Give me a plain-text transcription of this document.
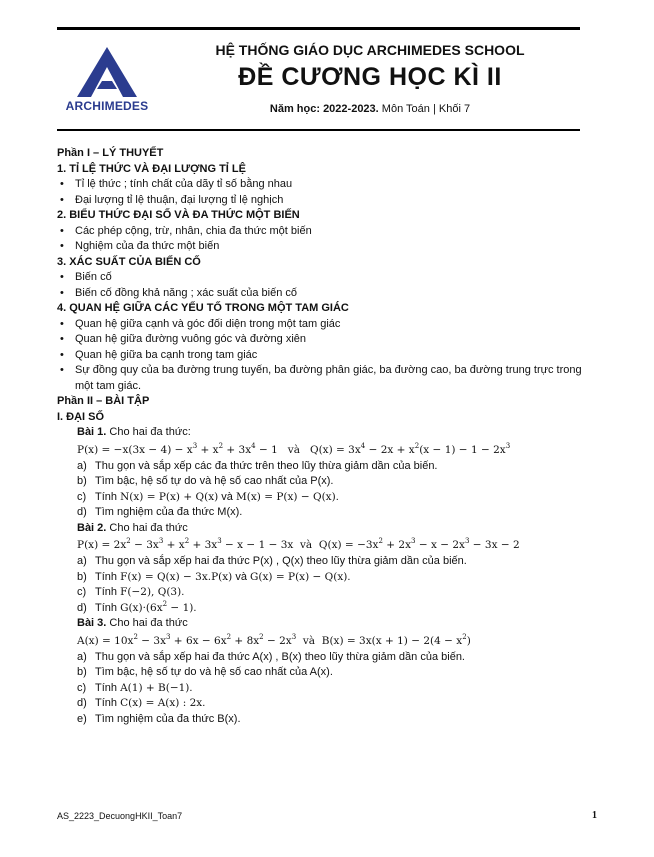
ARCHIMEDES
HỆ THỐNG GIÁO DỤC ARCHIMEDES SCHOOL
ĐỀ CƯƠNG HỌC KÌ II
Năm học: 2022-2023. Môn Toán | Khối 7
Phần I – LÝ THUYẾT
1. TỈ LỆ THỨC VÀ ĐẠI LƯỢNG TỈ LỆ
• Tỉ lệ thức ; tính chất của dãy tỉ số bằng nhau
• Đại lượng tỉ lệ thuận, đại lượng tỉ lệ nghịch
2. BIỂU THỨC ĐẠI SỐ VÀ ĐA THỨC MỘT BIẾN
• Các phép cộng, trừ, nhân, chia đa thức một biến
• Nghiệm của đa thức một biến
3. XÁC SUẤT CỦA BIẾN CỐ
• Biến cố
• Biến cố đồng khả năng ; xác suất của biến cố
4. QUAN HỆ GIỮA CÁC YẾU TỐ TRONG MỘT TAM GIÁC
• Quan hệ giữa cạnh và góc đối diện trong một tam giác
• Quan hệ giữa đường vuông góc và đường xiên
• Quan hệ giữa ba cạnh trong tam giác
• Sự đồng quy của ba đường trung tuyến, ba đường phân giác, ba đường cao, ba đường trung trực trong một tam giác.
Phần II – BÀI TẬP
I. ĐẠI SỐ
Bài 1. Cho hai đa thức:
$P(x) = -x(3x - 4) - x^3 + x^2 + 3x^4 - 1$   và   $Q(x) = 3x^4 - 2x + x^2(x - 1) - 1 - 2x^3$
a) Thu gọn và sắp xếp các đa thức trên theo lũy thừa giảm dần của biến.
b) Tìm bậc, hệ số tự do và hệ số cao nhất của P(x).
c) Tính N(x) = P(x) + Q(x) và M(x) = P(x) − Q(x).
d) Tìm nghiệm của đa thức M(x).
Bài 2. Cho hai đa thức
$P(x) = 2x^2 - 3x^3 + x^2 + 3x^3 - x - 1 - 3x$  và  $Q(x) = -3x^2 + 2x^3 - x - 2x^3 - 3x - 2$
a) Thu gọn và sắp xếp hai đa thức P(x) , Q(x) theo lũy thừa giảm dần của biến.
b) Tính F(x) = Q(x) − 3x.P(x) và G(x) = P(x) − Q(x).
c) Tính F(−2), Q(3).
d) Tính $G(x)\cdot(6x^2 - 1)$.
Bài 3. Cho hai đa thức
$A(x) = 10x^2 - 3x^3 + 6x - 6x^2 + 8x^2 - 2x^3$  và  $B(x) = 3x(x + 1) - 2(4 - x^2)$
a) Thu gọn và sắp xếp hai đa thức A(x) , B(x) theo lũy thừa giảm dần của biến.
b) Tìm bậc, hệ số tự do và hệ số cao nhất của A(x).
c) Tính A(1) + B(−1).
d) Tính C(x) = A(x) : 2x.
e) Tìm nghiệm của đa thức B(x).
AS_2223_DecuongHKII_Toan7	1
